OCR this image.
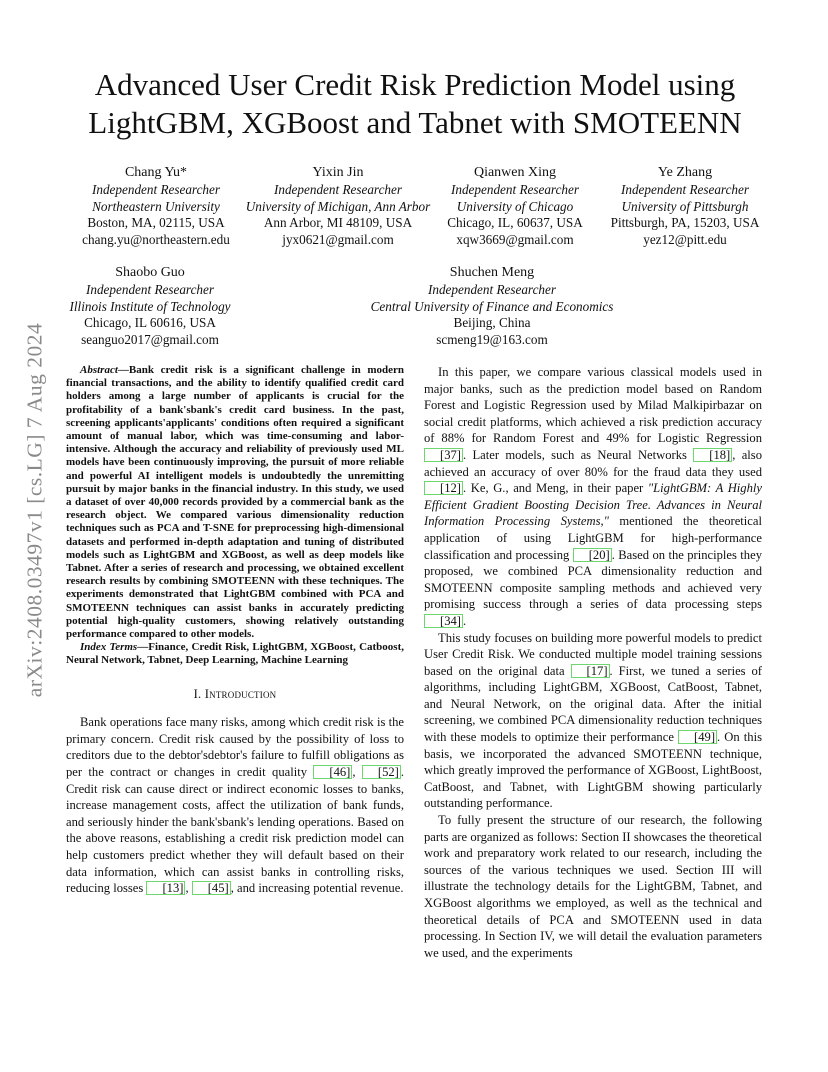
arXiv:2408.03497v1 [cs.LG] 7 Aug 2024
Advanced User Credit Risk Prediction Model using
LightGBM, XGBoost and Tabnet with SMOTEENN
Chang Yu*
Independent Researcher
Northeastern University
Boston, MA, 02115, USA
chang.yu@northeastern.edu
Yixin Jin
Independent Researcher
University of Michigan, Ann Arbor
Ann Arbor, MI 48109, USA
jyx0621@gmail.com
Qianwen Xing
Independent Researcher
University of Chicago
Chicago, IL, 60637, USA
xqw3669@gmail.com
Ye Zhang
Independent Researcher
University of Pittsburgh
Pittsburgh, PA, 15203, USA
yez12@pitt.edu
Shaobo Guo
Independent Researcher
Illinois Institute of Technology
Chicago, IL 60616, USA
seanguo2017@gmail.com
Shuchen Meng
Independent Researcher
Central University of Finance and Economics
Beijing, China
scmeng19@163.com

Abstract—Bank credit risk is a significant challenge in modern financial transactions, and the ability to identify qualified credit card holders among a large number of applicants is crucial for the profitability of a bank'sbank's credit card business. In the past, screening applicants'applicants' conditions often required a significant amount of manual labor, which was time-consuming and labor-intensive. Although the accuracy and reliability of previously used ML models have been continuously improving, the pursuit of more reliable and powerful AI intelligent models is undoubtedly the unremitting pursuit by major banks in the financial industry. In this study, we used a dataset of over 40,000 records provided by a commercial bank as the research object. We compared various dimensionality reduction techniques such as PCA and T-SNE for preprocessing high-dimensional datasets and performed in-depth adaptation and tuning of distributed models such as LightGBM and XGBoost, as well as deep models like Tabnet. After a series of research and processing, we obtained excellent research results by combining SMOTEENN with these techniques. The experiments demonstrated that LightGBM combined with PCA and SMOTEENN techniques can assist banks in accurately predicting potential high-quality customers, showing relatively outstanding performance compared to other models.

Index Terms—Finance, Credit Risk, LightGBM, XGBoost, Catboost, Neural Network, Tabnet, Deep Learning, Machine Learning

I. Introduction

Bank operations face many risks, among which credit risk is the primary concern. Credit risk caused by the possibility of loss to creditors due to the debtor'sdebtor's failure to fulfill obligations as per the contract or changes in credit quality [46] , [52] . Credit risk can cause direct or indirect economic losses to banks, increase management costs, affect the utilization of bank funds, and seriously hinder the bank'sbank's lending operations. Based on the above reasons, establishing a credit risk prediction model can help customers predict whether they will default based on their data information, which can assist banks in controlling risks, reducing losses [13] , [45] , and increasing potential revenue.

In this paper, we compare various classical models used in major banks, such as the prediction model based on Random Forest and Logistic Regression used by Milad Malkipirbazar on social credit platforms, which achieved a risk prediction accuracy of 88% for Random Forest and 49% for Logistic Regression [37] . Later models, such as Neural Networks [18] , also achieved an accuracy of over 80% for the fraud data they used [12] . Ke, G., and Meng, in their paper "LightGBM: A Highly Efficient Gradient Boosting Decision Tree. Advances in Neural Information Processing Systems," mentioned the theoretical application of using LightGBM for high-performance classification and processing [20] . Based on the principles they proposed, we combined PCA dimensionality reduction and SMOTEENN composite sampling methods and achieved very promising success through a series of data processing steps [34] .

This study focuses on building more powerful models to predict User Credit Risk. We conducted multiple model training sessions based on the original data [17] . First, we tuned a series of algorithms, including LightGBM, XGBoost, CatBoost, Tabnet, and Neural Network, on the original data. After the initial screening, we combined PCA dimensionality reduction techniques with these models to optimize their performance [49] . On this basis, we incorporated the advanced SMOTEENN technique, which greatly improved the performance of XGBoost, LightBoost, CatBoost, and Tabnet, with LightGBM showing particularly outstanding performance.

To fully present the structure of our research, the following parts are organized as follows: Section II showcases the theoretical work and preparatory work related to our research, including the sources of the various techniques we used. Section III will illustrate the technology details for the LightGBM, Tabnet, and XGBoost algorithms we employed, as well as the technical and theoretical details of PCA and SMOTEENN used in data processing. In Section IV, we will detail the evaluation parameters we used, and the experiments
